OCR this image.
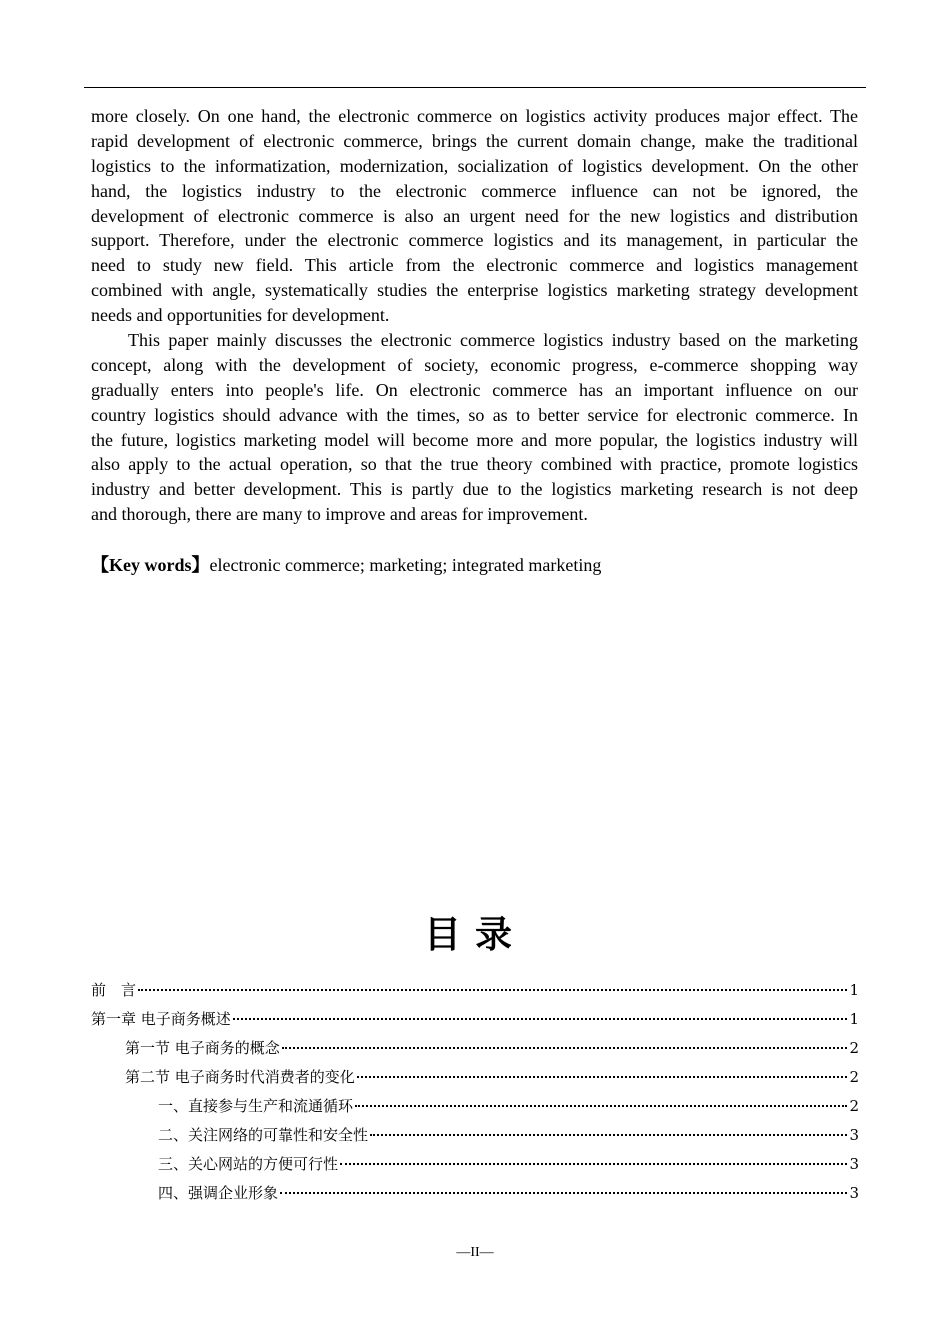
more closely. On one hand, the electronic commerce on logistics activity produces major effect. The
rapid development of electronic commerce, brings the current domain change, make the traditional
logistics to the informatization, modernization, socialization of logistics development. On the other
hand, the logistics industry to the electronic commerce influence can not be ignored, the
development of electronic commerce is also an urgent need for the new logistics and distribution
support. Therefore, under the electronic commerce logistics and its management, in particular the
need to study new field. This article from the electronic commerce and logistics management
combined with angle, systematically studies the enterprise logistics marketing strategy development
needs and opportunities for development.
This paper mainly discusses the electronic commerce logistics industry based on the marketing
concept, along with the development of society, economic progress, e-commerce shopping way
gradually enters into people's life. On electronic commerce has an important influence on our
country logistics should advance with the times, so as to better service for electronic commerce. In
the future, logistics marketing model will become more and more popular, the logistics industry will
also apply to the actual operation, so that the true theory combined with practice, promote logistics
industry and better development. This is partly due to the logistics marketing research is not deep
and thorough, there are many to improve and areas for improvement.
【Key words】electronic commerce; marketing; integrated marketing
目录
前　言	1
第一章 电子商务概述	1
第一节 电子商务的概念	2
第二节 电子商务时代消费者的变化	2
一、直接参与生产和流通循环	2
二、关注网络的可靠性和安全性	3
三、关心网站的方便可行性	3
四、强调企业形象	3
—II—
